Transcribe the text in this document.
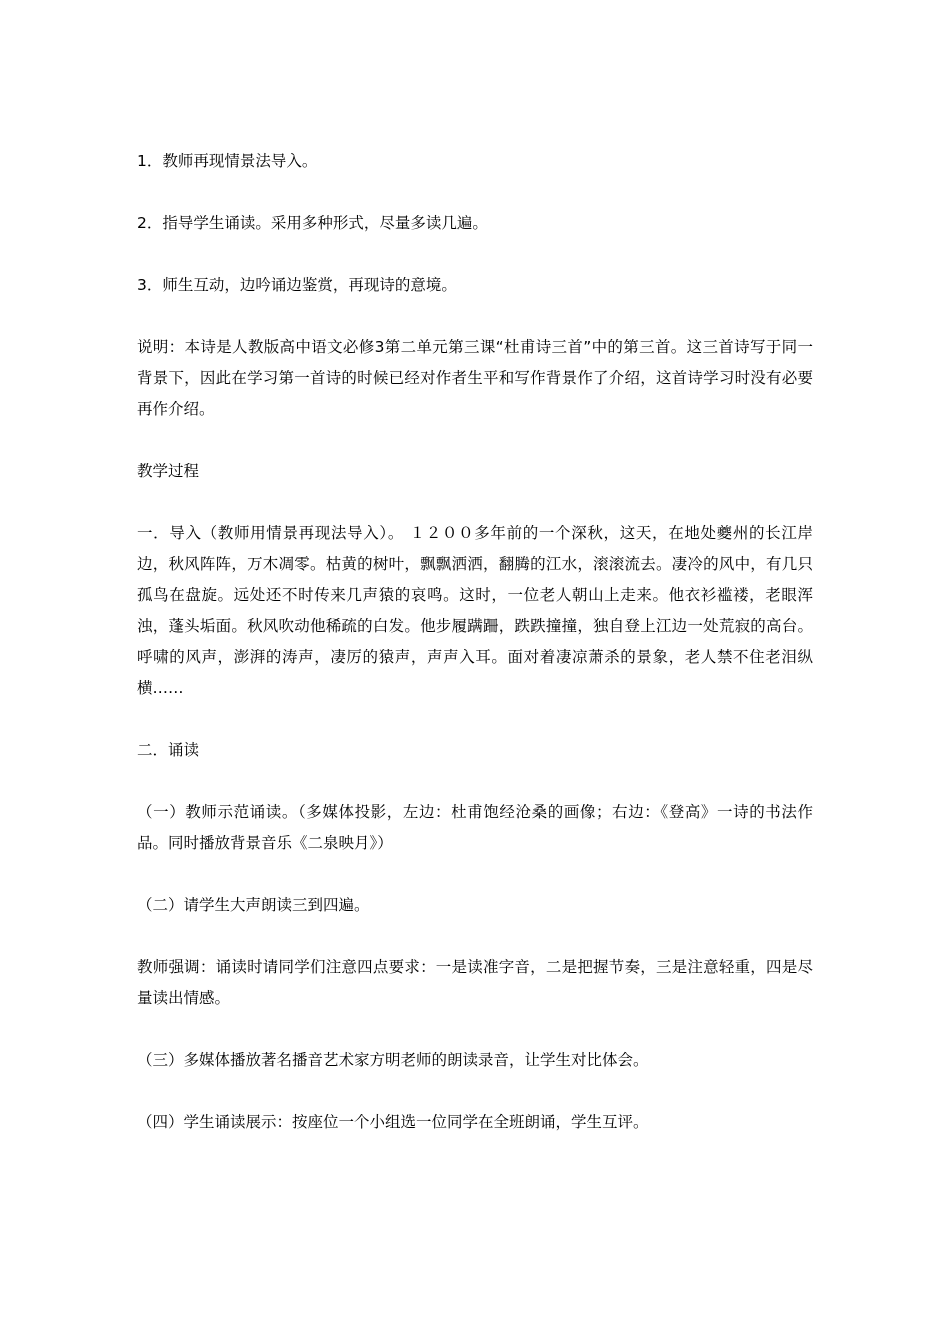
1．教师再现情景法导入。

2．指导学生诵读。采用多种形式，尽量多读几遍。

3．师生互动，边吟诵边鉴赏，再现诗的意境。

说明：本诗是人教版高中语文必修3第二单元第三课“杜甫诗三首”中的第三首。这三首诗写于同一背景下，因此在学习第一首诗的时候已经对作者生平和写作背景作了介绍，这首诗学习时没有必要再作介绍。

教学过程

一．导入（教师用情景再现法导入）。 １２００多年前的一个深秋，这天，在地处夔州的长江岸边，秋风阵阵，万木凋零。枯黄的树叶，飘飘洒洒，翻腾的江水，滚滚流去。凄冷的风中，有几只孤鸟在盘旋。远处还不时传来几声猿的哀鸣。这时，一位老人朝山上走来。他衣衫褴褛，老眼浑浊，蓬头垢面。秋风吹动他稀疏的白发。他步履蹒跚，跌跌撞撞，独自登上江边一处荒寂的高台。呼啸的风声，澎湃的涛声，凄厉的猿声，声声入耳。面对着凄凉萧杀的景象，老人禁不住老泪纵横……

二．诵读

（一）教师示范诵读。（多媒体投影，左边：杜甫饱经沧桑的画像；右边：《登高》一诗的书法作品。同时播放背景音乐《二泉映月》）

（二）请学生大声朗读三到四遍。

教师强调：诵读时请同学们注意四点要求：一是读准字音，二是把握节奏，三是注意轻重，四是尽量读出情感。

（三）多媒体播放著名播音艺术家方明老师的朗读录音，让学生对比体会。

（四）学生诵读展示：按座位一个小组选一位同学在全班朗诵，学生互评。
